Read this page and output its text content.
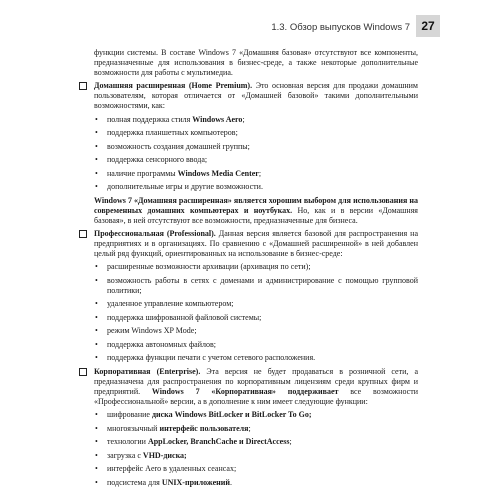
1.3. Обзор выпусков Windows 7 27

функции системы. В составе Windows 7 «Домашняя базовая» отсутствуют все компоненты, предназначенные для использования в бизнес-среде, а также некоторые дополнительные возможности для работы с мультимедиа.

Домашняя расширенная (Home Premium). Это основная версия для продажи домашним пользователям, которая отличается от «Домашней базовой» такими дополнительными возможностями, как:

• полная поддержка стиля Windows Aero;
• поддержка планшетных компьютеров;
• возможность создания домашней группы;
• поддержка сенсорного ввода;
• наличие программы Windows Media Center;
• дополнительные игры и другие возможности.

Windows 7 «Домашняя расширенная» является хорошим выбором для использования на современных домашних компьютерах и ноутбуках. Но, как и в версии «Домашняя базовая», в ней отсутствуют все возможности, предназначенные для бизнеса.

Профессиональная (Professional). Данная версия является базовой для распространения на предприятиях и в организациях. По сравнению с «Домашней расширенной» в ней добавлен целый ряд функций, ориентированных на использование в бизнес-среде:

• расширенные возможности архивации (архивация по сети);
• возможность работы в сетях с доменами и администрирование с помощью групповой политики;
• удаленное управление компьютером;
• поддержка шифрованной файловой системы;
• режим Windows XP Mode;
• поддержка автономных файлов;
• поддержка функции печати с учетом сетевого расположения.

Корпоративная (Enterprise). Эта версия не будет продаваться в розничной сети, а предназначена для распространения по корпоративным лицензиям среди крупных фирм и предприятий. Windows 7 «Корпоративная» поддерживает все возможности «Профессиональной» версии, а в дополнение к ним имеет следующие функции:

• шифрование диска Windows BitLocker и BitLocker To Go;
• многоязычный интерфейс пользователя;
• технологии AppLocker, BranchCache и DirectAccess;
• загрузка с VHD-диска;
• интерфейс Aero в удаленных сеансах;
• подсистема для UNIX-приложений.
